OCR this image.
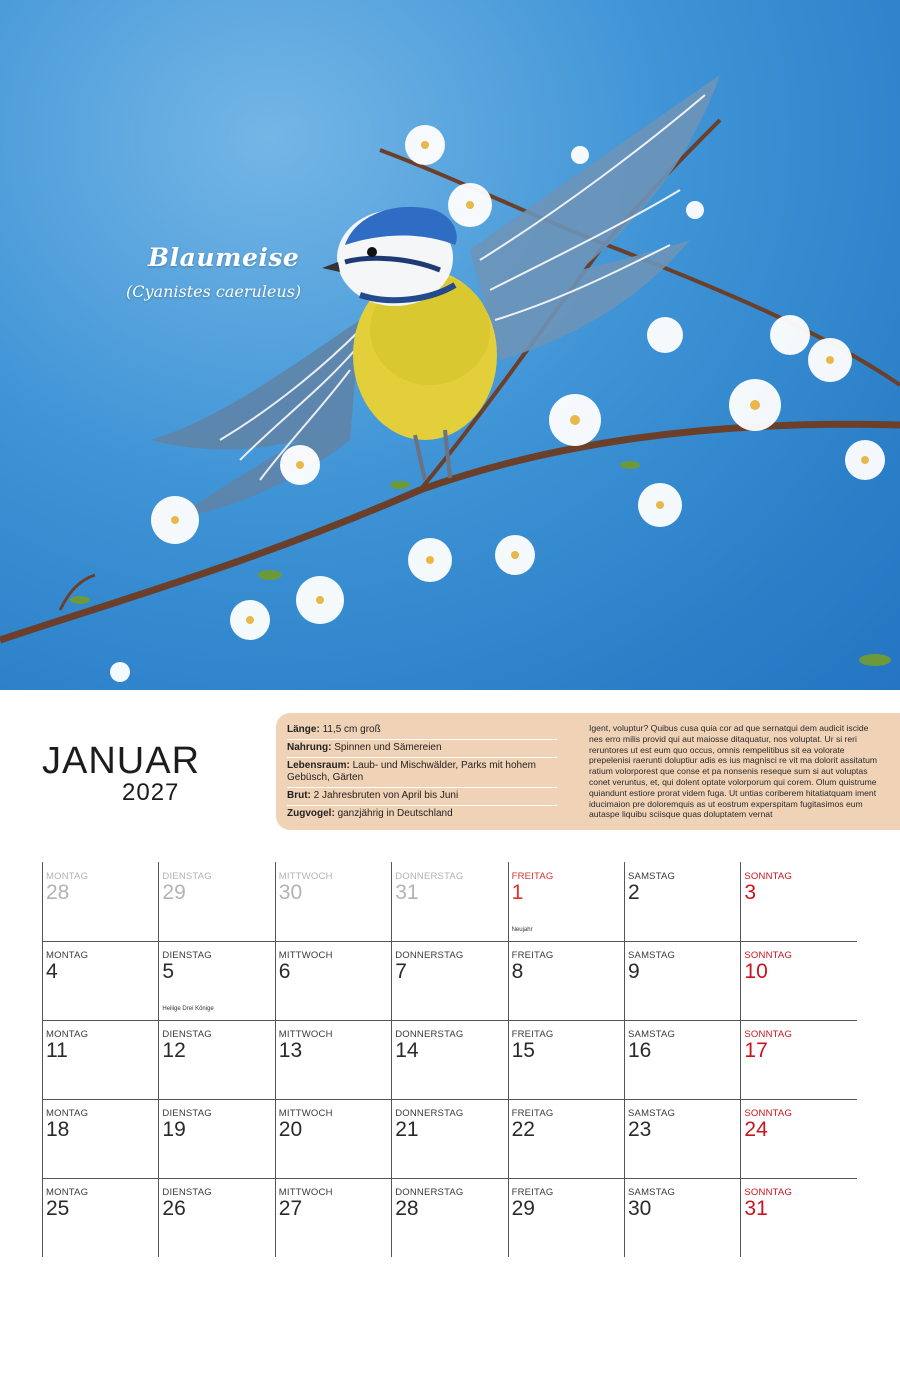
Blaumeise
(Cyanistes caeruleus)
JANUAR
2027
Länge: 11,5 cm groß
Nahrung: Spinnen und Sämereien
Lebensraum: Laub- und Mischwälder, Parks mit hohem Gebüsch, Gärten
Brut: 2 Jahresbruten von April bis Juni
Zugvogel: ganzjährig in Deutschland
Igent, voluptur? Quibus cusa quia cor ad que sernatqui dem audicit iscide nes erro milis provid qui aut maiosse ditaquatur, nos voluptat. Ur si reri reruntores ut est eum quo occus, omnis rempelitibus sit ea volorate prepelenisi raerunti doluptiur adis es ius magnisci re vit ma dolorit assitatum ratium volorporest que conse et pa nonsenis reseque sum si aut voluptas conet veruntus, et, qui dolent optate volorporum qui corem. Olum quistrume quiandunt estiore prorat videm fuga. Ut untias coriberem hitatiatquam iment iducimaion pre doloremquis as ut eostrum experspitam fugitasimos eum autaspe liquibu sciisque quas doluptatem vernat
MONTAG
28
DIENSTAG
29
MITTWOCH
30
DONNERSTAG
31
FREITAG
1
Neujahr
SAMSTAG
2
SONNTAG
3
MONTAG
4
DIENSTAG
5
Heilige Drei Könige
MITTWOCH
6
DONNERSTAG
7
FREITAG
8
SAMSTAG
9
SONNTAG
10
MONTAG
11
DIENSTAG
12
MITTWOCH
13
DONNERSTAG
14
FREITAG
15
SAMSTAG
16
SONNTAG
17
MONTAG
18
DIENSTAG
19
MITTWOCH
20
DONNERSTAG
21
FREITAG
22
SAMSTAG
23
SONNTAG
24
MONTAG
25
DIENSTAG
26
MITTWOCH
27
DONNERSTAG
28
FREITAG
29
SAMSTAG
30
SONNTAG
31
